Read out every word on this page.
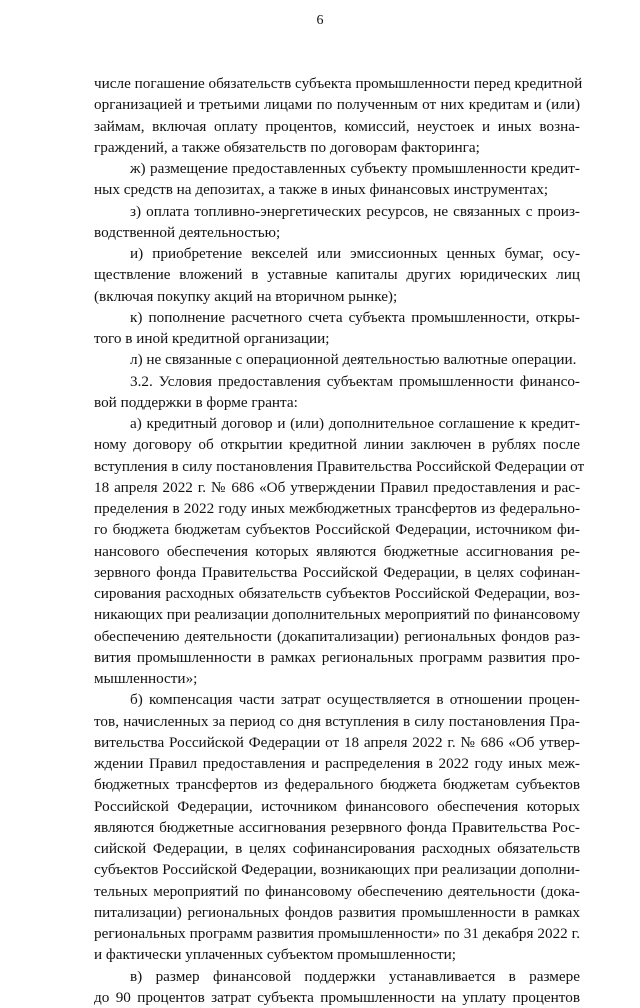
6

числе погашение обязательств субъекта промышленности перед кредитной
организацией и третьими лицами по полученным от них кредитам и (или)
займам, включая оплату процентов, комиссий, неустоек и иных возна-
граждений, а также обязательств по договорам факторинга;

ж) размещение предоставленных субъекту промышленности кредит-
ных средств на депозитах, а также в иных финансовых инструментах;

з) оплата топливно-энергетических ресурсов, не связанных с произ-
водственной деятельностью;

и) приобретение векселей или эмиссионных ценных бумаг, осу-
ществление вложений в уставные капиталы других юридических лиц
(включая покупку акций на вторичном рынке);

к) пополнение расчетного счета субъекта промышленности, откры-
того в иной кредитной организации;

л) не связанные с операционной деятельностью валютные операции.

3.2. Условия предоставления субъектам промышленности финансо-
вой поддержки в форме гранта:

а) кредитный договор и (или) дополнительное соглашение к кредит-
ному договору об открытии кредитной линии заключен в рублях после
вступления в силу постановления Правительства Российской Федерации от
18 апреля 2022 г. № 686 «Об утверждении Правил предоставления и рас-
пределения в 2022 году иных межбюджетных трансфертов из федерально-
го бюджета бюджетам субъектов Российской Федерации, источником фи-
нансового обеспечения которых являются бюджетные ассигнования ре-
зервного фонда Правительства Российской Федерации, в целях софинан-
сирования расходных обязательств субъектов Российской Федерации, воз-
никающих при реализации дополнительных мероприятий по финансовому
обеспечению деятельности (докапитализации) региональных фондов раз-
вития промышленности в рамках региональных программ развития про-
мышленности»;

б) компенсация части затрат осуществляется в отношении процен-
тов, начисленных за период со дня вступления в силу постановления Пра-
вительства Российской Федерации от 18 апреля 2022 г. № 686 «Об утвер-
ждении Правил предоставления и распределения в 2022 году иных меж-
бюджетных трансфертов из федерального бюджета бюджетам субъектов
Российской Федерации, источником финансового обеспечения которых
являются бюджетные ассигнования резервного фонда Правительства Рос-
сийской Федерации, в целях софинансирования расходных обязательств
субъектов Российской Федерации, возникающих при реализации дополни-
тельных мероприятий по финансовому обеспечению деятельности (дока-
питализации) региональных фондов развития промышленности в рамках
региональных программ развития промышленности» по 31 декабря 2022 г.
и фактически уплаченных субъектом промышленности;

в) размер финансовой поддержки устанавливается в размере
до 90 процентов затрат субъекта промышленности на уплату процентов
